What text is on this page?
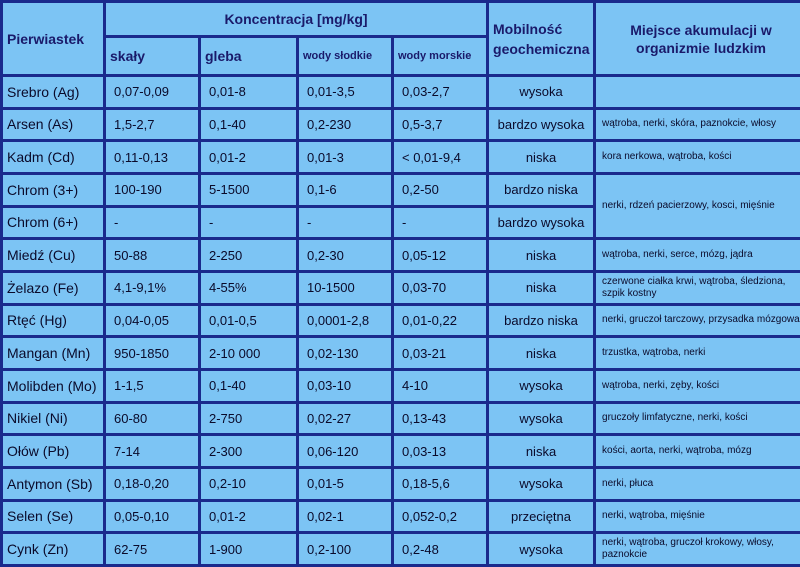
Pierwiastek	Koncentracja [mg/kg]				Mobilność geochemiczna	Miejsce akumulacji w organizmie ludzkim
	skały	gleba	wody słodkie	wody morskie		
Srebro (Ag)	0,07-0,09	0,01-8	0,01-3,5	0,03-2,7	wysoka	
Arsen (As)	1,5-2,7	0,1-40	0,2-230	0,5-3,7	bardzo wysoka	wątroba, nerki, skóra, paznokcie, włosy
Kadm (Cd)	0,11-0,13	0,01-2	0,01-3	< 0,01-9,4	niska	kora nerkowa, wątroba, kości
Chrom (3+)	100-190	5-1500	0,1-6	0,2-50	bardzo niska	nerki, rdzeń pacierzowy, kosci, mięśnie
Chrom (6+)	-	-	-	-	bardzo wysoka	
Miedź (Cu)	50-88	2-250	0,2-30	0,05-12	niska	wątroba, nerki, serce, mózg, jądra
Żelazo (Fe)	4,1-9,1%	4-55%	10-1500	0,03-70	niska	czerwone ciałka krwi, wątroba, śledziona, szpik kostny
Rtęć (Hg)	0,04-0,05	0,01-0,5	0,0001-2,8	0,01-0,22	bardzo niska	nerki, gruczoł tarczowy, przysadka mózgowa
Mangan (Mn)	950-1850	2-10 000	0,02-130	0,03-21	niska	trzustka, wątroba, nerki
Molibden (Mo)	1-1,5	0,1-40	0,03-10	4-10	wysoka	wątroba, nerki, zęby, kości
Nikiel (Ni)	60-80	2-750	0,02-27	0,13-43	wysoka	gruczoły limfatyczne, nerki, kości
Ołów (Pb)	7-14	2-300	0,06-120	0,03-13	niska	kości, aorta, nerki, wątroba, mózg
Antymon (Sb)	0,18-0,20	0,2-10	0,01-5	0,18-5,6	wysoka	nerki, płuca
Selen (Se)	0,05-0,10	0,01-2	0,02-1	0,052-0,2	przeciętna	nerki, wątroba, mięśnie
Cynk (Zn)	62-75	1-900	0,2-100	0,2-48	wysoka	nerki, wątroba, gruczoł krokowy, włosy, paznokcie
